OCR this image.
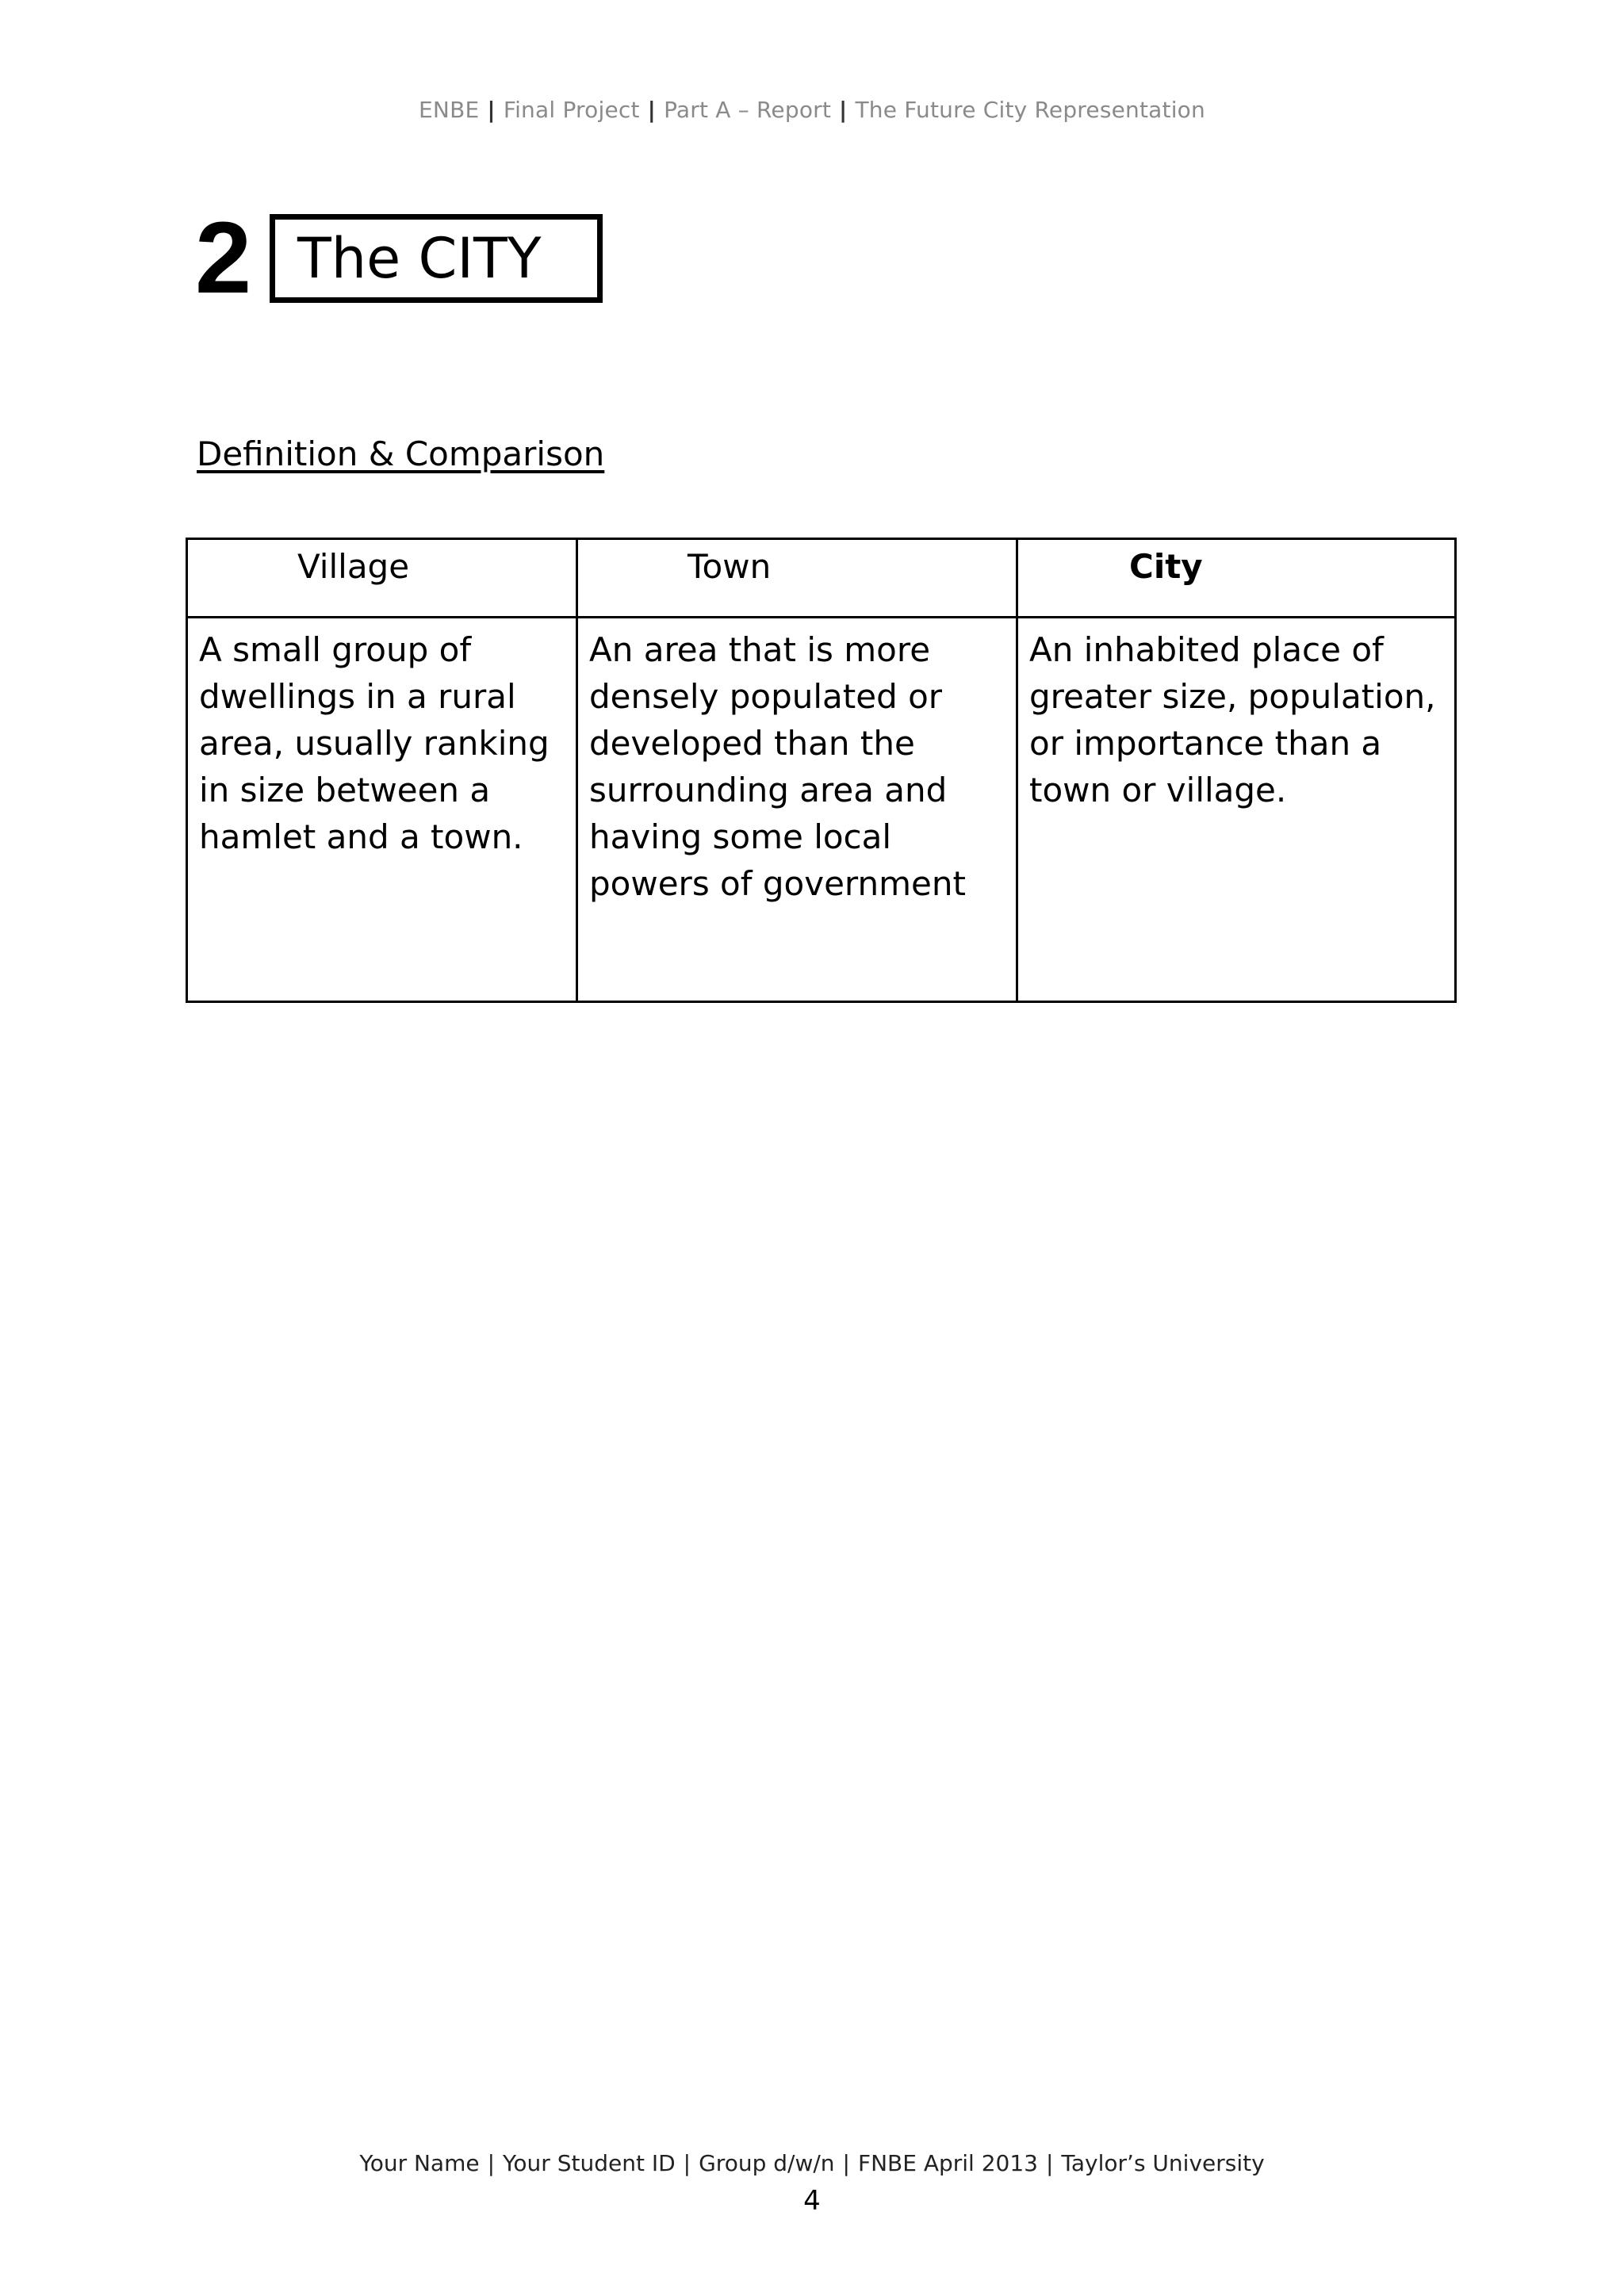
ENBE | Final Project | Part A – Report | The Future City Representation
2 The CITY
Definition & Comparison
Village	Town	City
A small group of dwellings in a rural area, usually ranking in size between a hamlet and a town.	An area that is more densely populated or developed than the surrounding area and having some local powers of government	An inhabited place of greater size, population, or importance than a town or village.
Your Name | Your Student ID | Group d/w/n | FNBE April 2013 | Taylor’s University
4
